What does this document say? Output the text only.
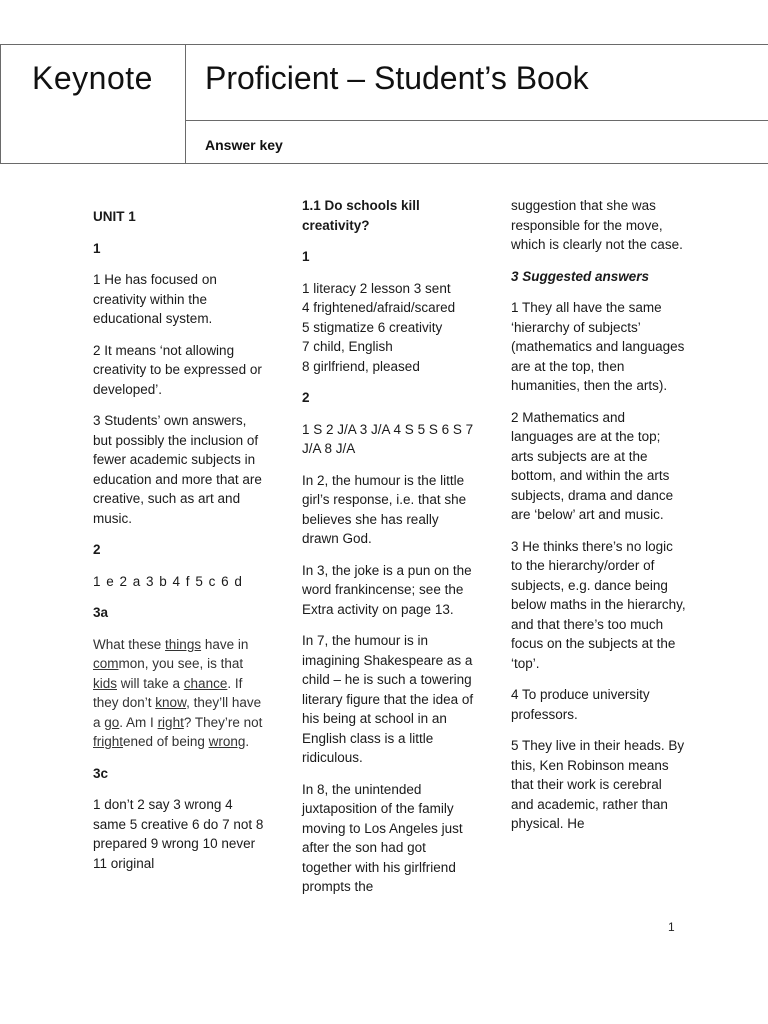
Keynote Proficient – Student’s Book
Answer key

UNIT 1

1

1 He has focused on creativity within the educational system.

2 It means ‘not allowing creativity to be expressed or developed’.

3 Students’ own answers, but possibly the inclusion of fewer academic subjects in education and more that are creative, such as art and music.

2

1 e 2 a 3 b 4 f 5 c 6 d

3a

What these things have in common, you see, is that kids will take a chance. If they don’t know, they’ll have a go. Am I right? They’re not frightened of being wrong.

3c

1 don’t 2 say 3 wrong 4 same 5 creative 6 do 7 not 8 prepared 9 wrong 10 never 11 original

1.1 Do schools kill creativity?

1

1 literacy 2 lesson 3 sent
4 frightened/afraid/scared
5 stigmatize 6 creativity
7 child, English
8 girlfriend, pleased

2

1 S 2 J/A 3 J/A 4 S 5 S 6 S 7 J/A 8 J/A

In 2, the humour is the little girl’s response, i.e. that she believes she has really drawn God.

In 3, the joke is a pun on the word frankincense; see the Extra activity on page 13.

In 7, the humour is in imagining Shakespeare as a child – he is such a towering literary figure that the idea of his being at school in an English class is a little ridiculous.

In 8, the unintended juxtaposition of the family moving to Los Angeles just after the son had got together with his girlfriend prompts the

suggestion that she was responsible for the move, which is clearly not the case.

3 Suggested answers

1 They all have the same ‘hierarchy of subjects’ (mathematics and languages are at the top, then humanities, then the arts).

2 Mathematics and languages are at the top; arts subjects are at the bottom, and within the arts subjects, drama and dance are ‘below’ art and music.

3 He thinks there’s no logic to the hierarchy/order of subjects, e.g. dance being below maths in the hierarchy, and that there’s too much focus on the subjects at the ‘top’.

4 To produce university professors.

5 They live in their heads. By this, Ken Robinson means that their work is cerebral and academic, rather than physical. He

1
